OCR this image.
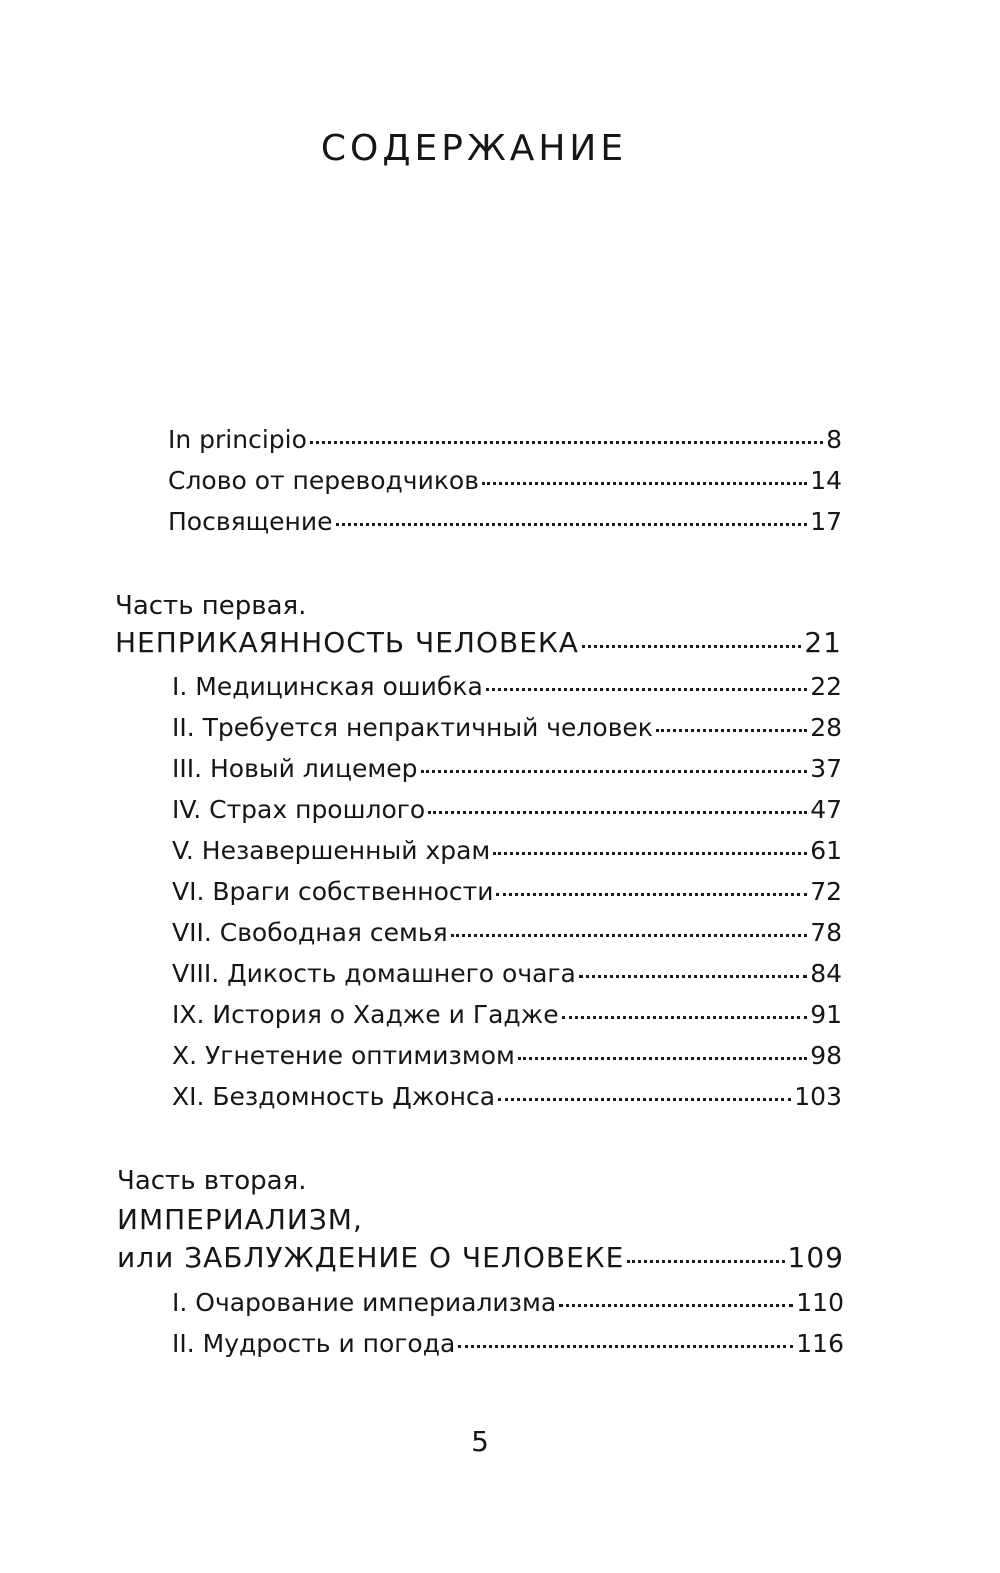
СОДЕРЖАНИЕ
In principio	8
Слово от переводчиков	14
Посвящение	17
Часть первая.
НЕПРИКАЯННОСТЬ ЧЕЛОВЕКА	21
I. Медицинская ошибка	22
II. Требуется непрактичный человек	28
III. Новый лицемер	37
IV. Страх прошлого	47
V. Незавершенный храм	61
VI. Враги собственности	72
VII. Свободная семья	78
VIII. Дикость домашнего очага	84
IX. История о Хадже и Гадже	91
X. Угнетение оптимизмом	98
XI. Бездомность Джонса	103
Часть вторая.
ИМПЕРИАЛИЗМ,
или ЗАБЛУЖДЕНИЕ О ЧЕЛОВЕКЕ	109
I. Очарование империализма	110
II. Мудрость и погода	116
5
